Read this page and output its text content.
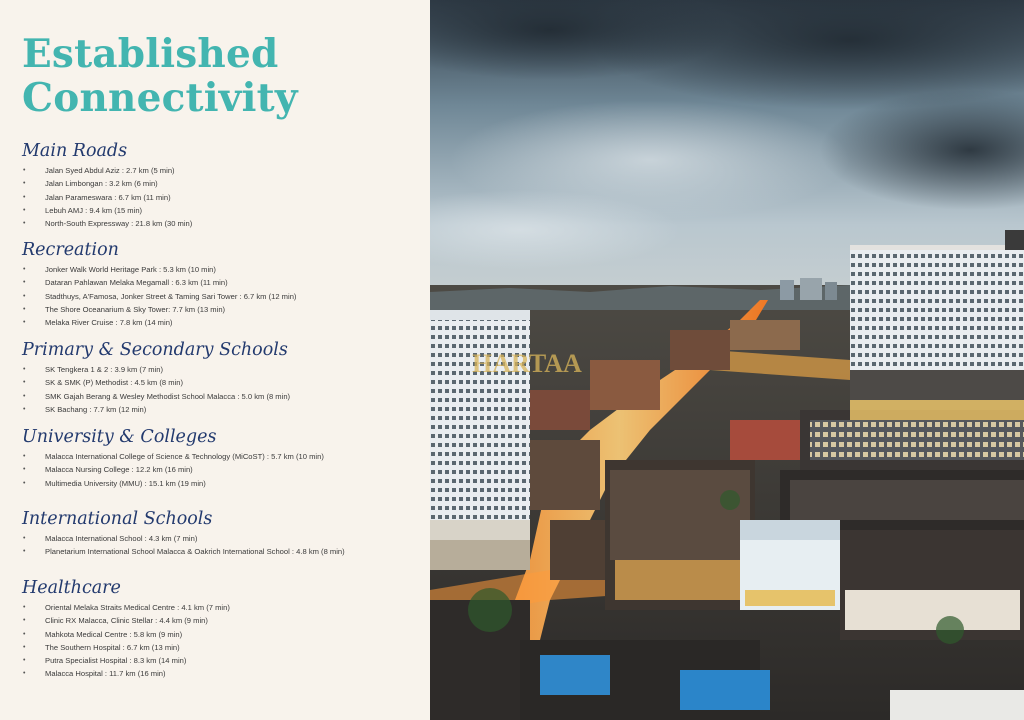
Established
Connectivity
Main Roads
• Jalan Syed Abdul Aziz : 2.7 km (5 min)
• Jalan Limbongan : 3.2 km (6 min)
• Jalan Parameswara : 6.7 km (11 min)
• Lebuh AMJ : 9.4 km (15 min)
• North-South Expressway : 21.8 km (30 min)
Recreation
• Jonker Walk World Heritage Park : 5.3 km (10 min)
• Dataran Pahlawan Melaka Megamall : 6.3 km (11 min)
• Stadthuys, A'Famosa, Jonker Street & Taming Sari Tower : 6.7 km (12 min)
• The Shore Oceanarium & Sky Tower: 7.7 km (13 min)
• Melaka River Cruise : 7.8 km (14 min)
Primary & Secondary Schools
• SK Tengkera 1 & 2 : 3.9 km (7 min)
• SK & SMK (P) Methodist : 4.5 km (8 min)
• SMK Gajah Berang & Wesley Methodist School Malacca : 5.0 km (8 min)
• SK Bachang : 7.7 km (12 min)
University & Colleges
• Malacca International College of Science & Technology (MiCoST) : 5.7 km (10 min)
• Malacca Nursing College : 12.2 km (16 min)
• Multimedia University (MMU) : 15.1 km (19 min)
International Schools
• Malacca International School : 4.3 km (7 min)
• Planetarium International School Malacca & Oakrich International School : 4.8 km (8 min)
Healthcare
• Oriental Melaka Straits Medical Centre : 4.1 km (7 min)
• Clinic RX Malacca, Clinic Stellar : 4.4 km (9 min)
• Mahkota Medical Centre : 5.8 km (9 min)
• The Southern Hospital : 6.7 km (13 min)
• Putra Specialist Hospital : 8.3 km (14 min)
• Malacca Hospital : 11.7 km (16 min)
HARTAA
